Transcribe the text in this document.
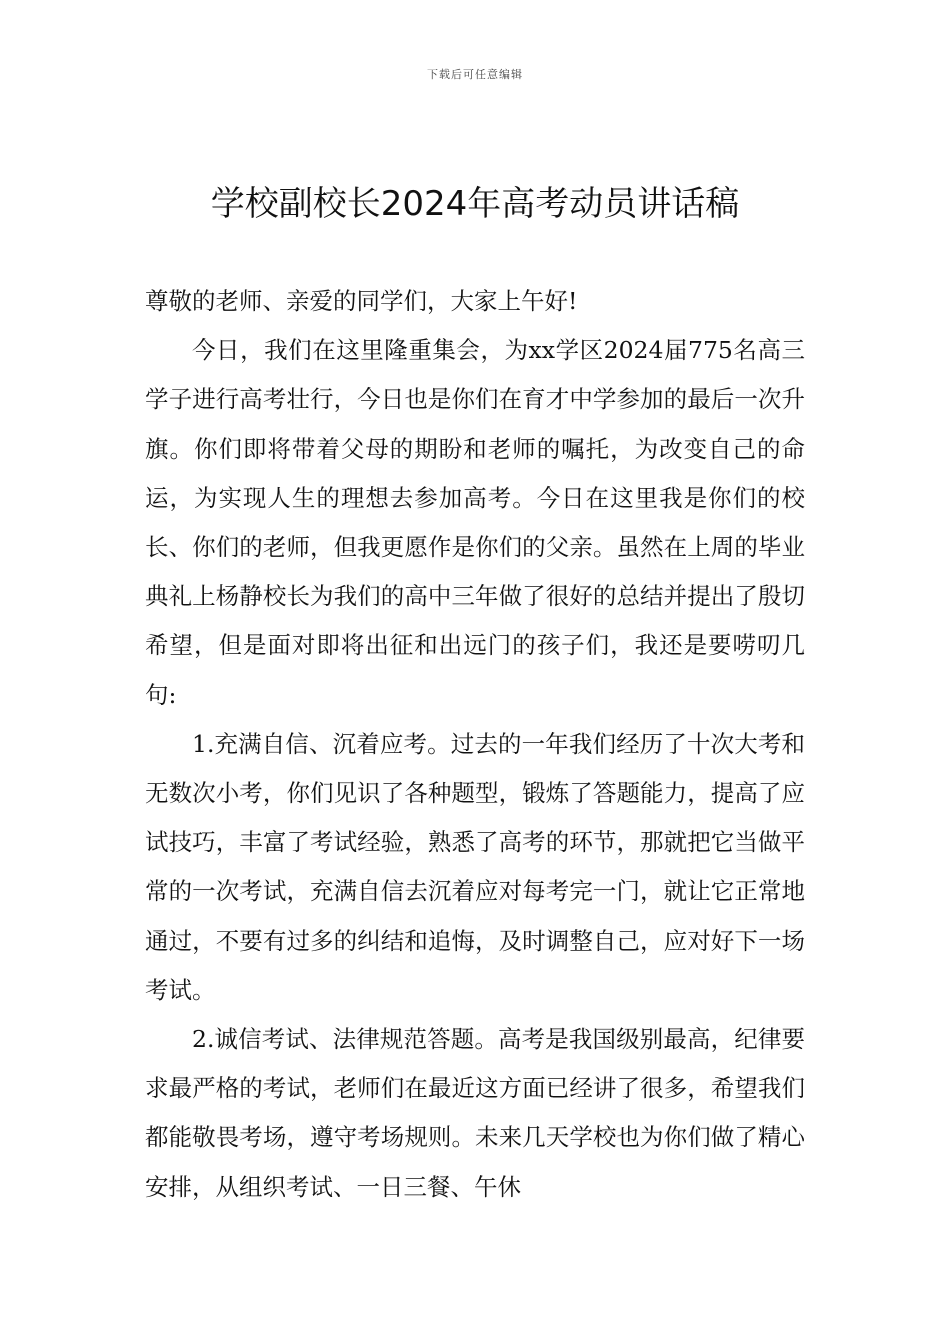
下载后可任意编辑
学校副校长2024年高考动员讲话稿

尊敬的老师、亲爱的同学们，大家上午好!

今日，我们在这里隆重集会，为xx学区2024届775名高三学子进行高考壮行，今日也是你们在育才中学参加的最后一次升旗。你们即将带着父母的期盼和老师的嘱托，为改变自己的命运，为实现人生的理想去参加高考。今日在这里我是你们的校长、你们的老师，但我更愿作是你们的父亲。虽然在上周的毕业典礼上杨静校长为我们的高中三年做了很好的总结并提出了殷切希望，但是面对即将出征和出远门的孩子们，我还是要唠叨几句:

1.充满自信、沉着应考。过去的一年我们经历了十次大考和无数次小考，你们见识了各种题型，锻炼了答题能力，提高了应试技巧，丰富了考试经验，熟悉了高考的环节，那就把它当做平常的一次考试，充满自信去沉着应对每考完一门，就让它正常地通过，不要有过多的纠结和追悔，及时调整自己，应对好下一场考试。

2.诚信考试、法律规范答题。高考是我国级别最高，纪律要求最严格的考试，老师们在最近这方面已经讲了很多，希望我们都能敬畏考场，遵守考场规则。未来几天学校也为你们做了精心安排，从组织考试、一日三餐、午休
